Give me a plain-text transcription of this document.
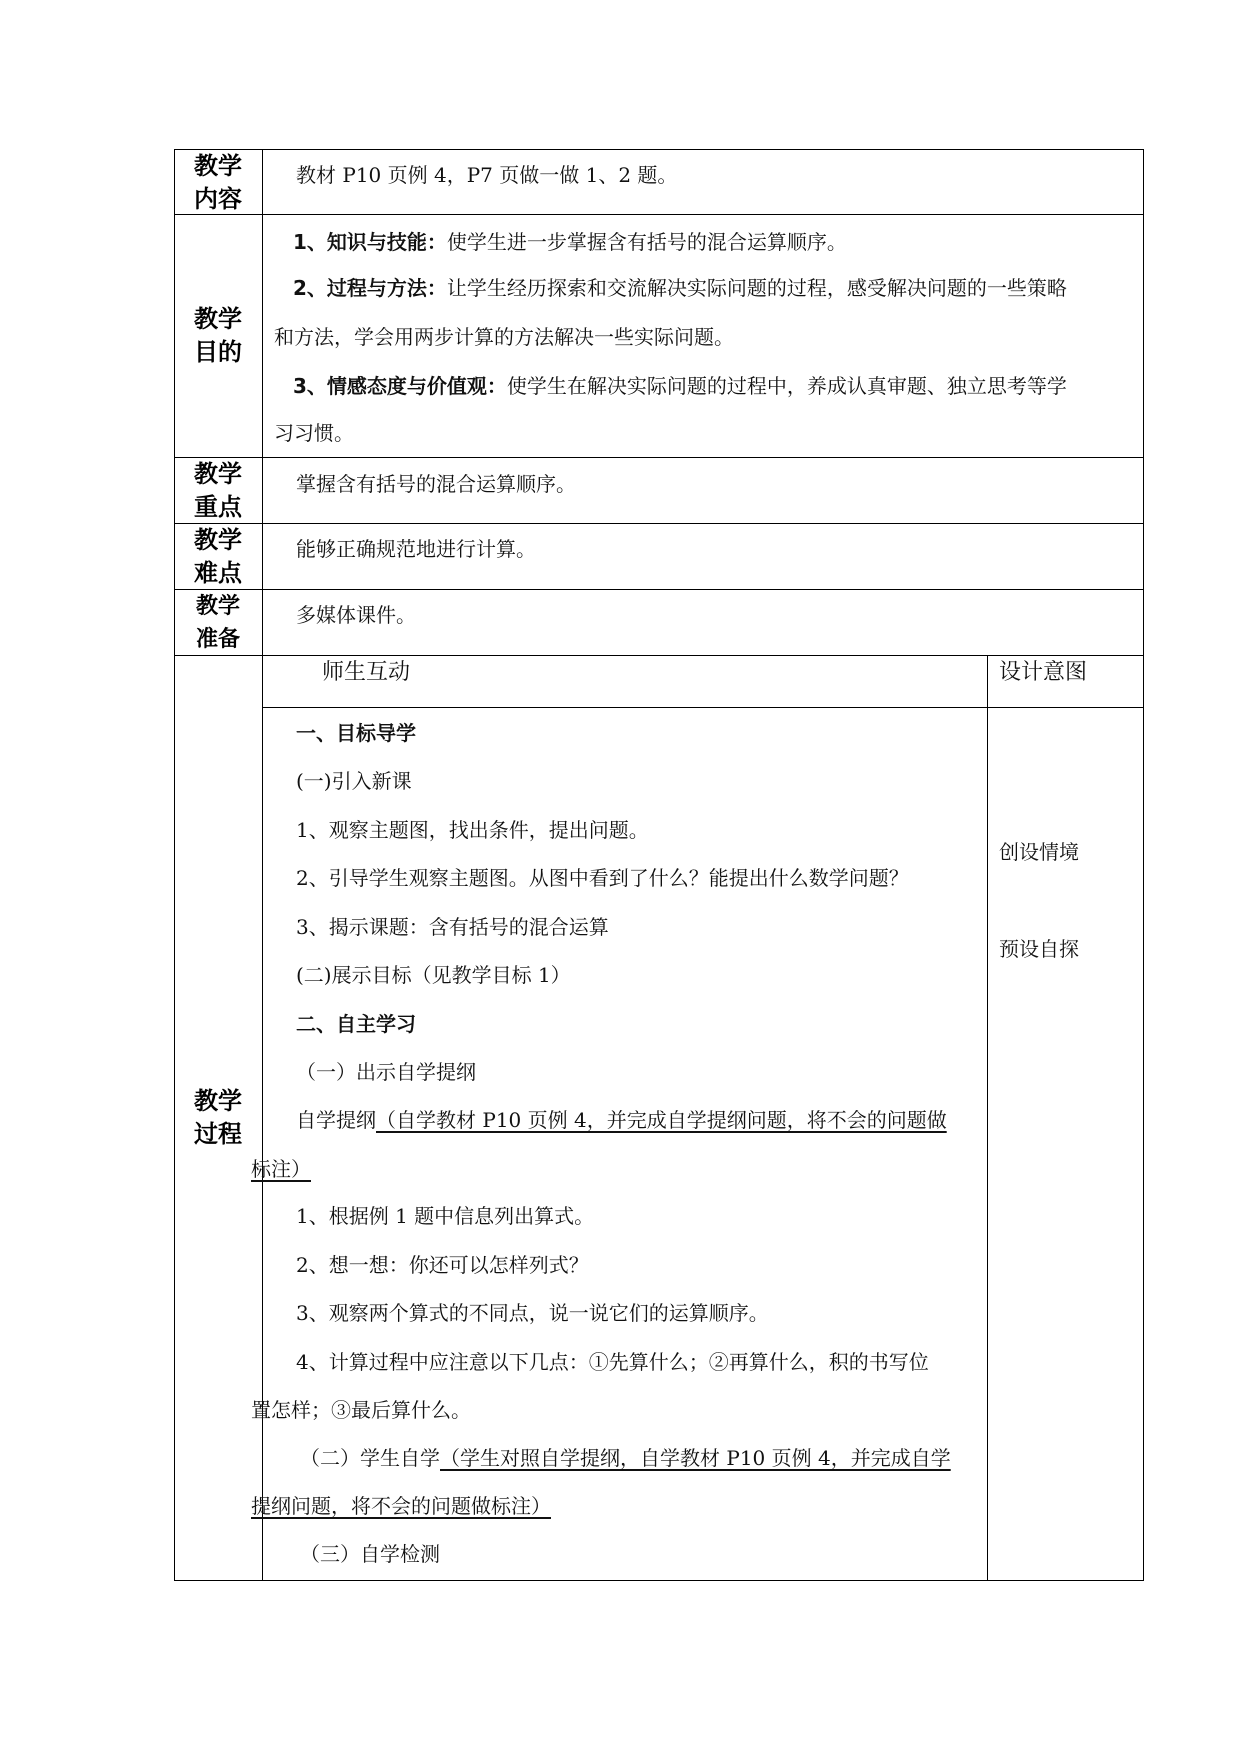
教学
内容
教材 P10 页例 4，P7 页做一做 1、2 题。
教学
目的
1、知识与技能：使学生进一步掌握含有括号的混合运算顺序。
2、过程与方法：让学生经历探索和交流解决实际问题的过程，感受解决问题的一些策略
和方法，学会用两步计算的方法解决一些实际问题。
3、情感态度与价值观：使学生在解决实际问题的过程中，养成认真审题、独立思考等学
习习惯。
教学
重点
掌握含有括号的混合运算顺序。
教学
难点
能够正确规范地进行计算。
教学
准备
多媒体课件。
教学
过程
师生互动	设计意图
创设情境
预设自探
一、目标导学
(一)引入新课
1、观察主题图，找出条件，提出问题。
2、引导学生观察主题图。从图中看到了什么？能提出什么数学问题？
3、揭示课题：含有括号的混合运算
(二)展示目标（见教学目标 1）
二、自主学习
（一）出示自学提纲
自学提纲（自学教材 P10 页例 4，并完成自学提纲问题，将不会的问题做
标注）
1、根据例 1 题中信息列出算式。
2、想一想：你还可以怎样列式？
3、观察两个算式的不同点，说一说它们的运算顺序。
4、计算过程中应注意以下几点：①先算什么；②再算什么，积的书写位
置怎样；③最后算什么。
（二）学生自学（学生对照自学提纲，自学教材 P10 页例 4，并完成自学
提纲问题，将不会的问题做标注）
（三）自学检测
